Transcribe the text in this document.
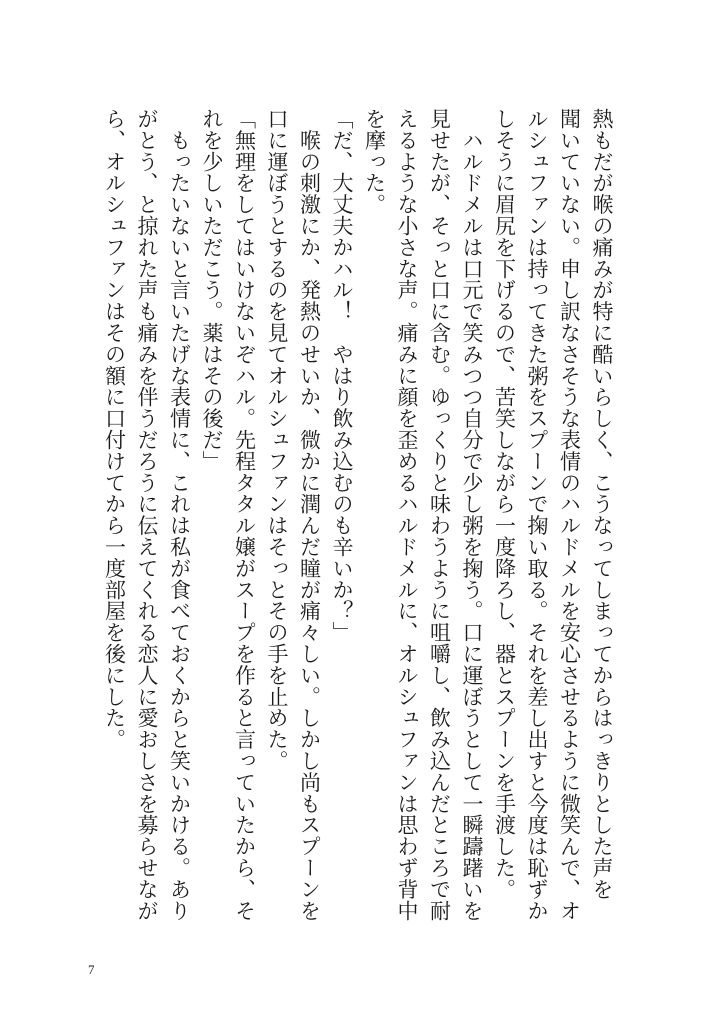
熱もだが喉の痛みが特に酷いらしく、こうなってしまってからはっきりとした声を
聞いていない。申し訳なさそうな表情のハルドメルを安心させるように微笑んで、オ
ルシュファンは持ってきた粥をスプーンで掬い取る。それを差し出すと今度は恥ずか
しそうに眉尻を下げるので、苦笑しながら一度降ろし、器とスプーンを手渡した。
　ハルドメルは口元で笑みつつ自分で少し粥を掬う。口に運ぼうとして一瞬躊躇いを
見せたが、そっと口に含む。ゆっくりと味わうように咀嚼し、飲み込んだところで耐
えるような小さな声。痛みに顔を歪めるハルドメルに、オルシュファンは思わず背中
を摩った。
「だ、大丈夫かハル！　やはり飲み込むのも辛いか？」
　喉の刺激にか、発熱のせいか、微かに潤んだ瞳が痛々しい。しかし尚もスプーンを
口に運ぼうとするのを見てオルシュファンはそっとその手を止めた。
「無理をしてはいけないぞハル。先程タタル嬢がスープを作ると言っていたから、そ
れを少しいただこう。薬はその後だ」
　もったいないと言いたげな表情に、これは私が食べておくからと笑いかける。あり
がとう、と掠れた声も痛みを伴うだろうに伝えてくれる恋人に愛おしさを募らせなが
ら、オルシュファンはその額に口付けてから一度部屋を後にした。
7
